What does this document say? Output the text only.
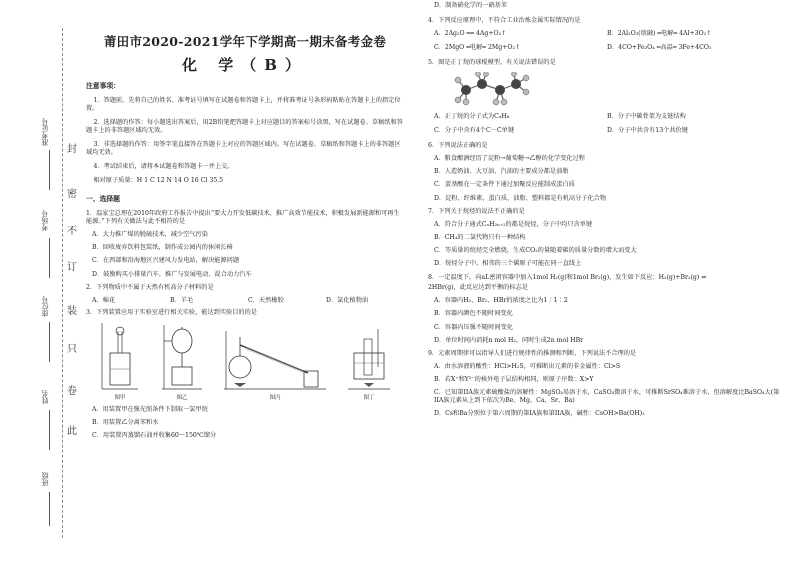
封
密
不
订
装
只
卷
此
准考证号
考场号
座位号
姓名
班级
莆田市2020-2021学年下学期高一期末备考金卷
化 学（B）
注意事项：
1．答题前，先将自己的姓名、准考证号填写在试题卷和答题卡上，并将准考证号条形码粘贴在答题卡上的指定位置。
2．选择题的作答：每小题选出答案后，用2B铅笔把答题卡上对应题目的答案标号涂黑，写在试题卷、草稿纸和答题卡上的非答题区域均无效。
3．非选择题的作答：用签字笔直接答在答题卡上对应的答题区域内。写在试题卷、草稿纸和答题卡上的非答题区域均无效。
4．考试结束后，请将本试题卷和答题卡一并上交。
相对原子质量：H 1 C 12 N 14 O 16 Cl 35.5
一、选择题
1．温家宝总理在2010年政府工作报告中提出“要大力开发低碳技术，推广高效节能技术，积极发展新能源和可再生能源。”下列有关做法与此不相符的是
A．大力推广煤的脱硫技术，减少空气污染
B．回收废弃饮料包装纸，制作成公园内的休闲长椅
C．在西部和沿海地区兴建风力发电站，解决能源问题
D．鼓励购买小排量汽车，推广与发展电动、混合动力汽车
2．下列物质中不属于天然有机高分子材料的是
A．棉花	B．羊毛	C．天然橡胶	D．氯化植物油
3．下列装置应用于实验室进行相关实验，能达到实验目的的是
图甲	图乙	图丙	图丁
A．用装置甲在强光照条件下制取一氯甲烷
B．用装置乙分离苯和水
C．用装置丙蒸馏石油并收集60～150℃馏分
D．制备硝化学的一硝基苯
4．下列反应原理中，不符合工业治炼金属实际情况的是
A．2Ag₂O ══ 4Ag+O₂↑	B．2Al₂O₃(熔融) ═电解═ 4Al+3O₂↑
C．2MgO ═电解═ 2Mg+O₂↑	D．4CO+Fe₃O₄ ═高温═ 3Fe+4CO₂
5．图是正丁烷的球棍模型，有关说法错误的是
A．正丁烷的分子式为C₄H₈	B．分子中碳骨架为支链结构
C．分子中含有4个C－C单键	D．分子中共含有13个共价键
6．下列说法正确的是
A．粮食酿酒经历了淀粉→葡萄糖→乙醇的化学变化过程
B．人造奶油、大豆油、汽油的主要成分都是油脂
C．蛋基酸在一定条件下通过加聚反应能制成蛋白质
D．淀粉、纤维素、蛋白质、油脂、塑料都是有机高分子化合物
7．下列关于烷烃的说法不正确的是
A．符合分子通式CₙH₂ₙ₊₂的都是烷烃，分子中均只含单键
B．CH₄的二氯代物只有一种结构
C．等质量的烷烃完全燃烧，生成CO₂的量随着碳的质量分数的增大而变大
D．烷烃分子中，相邻的三个碳原子可能在同一直线上
8．一定温度下，向aL密闭容器中加入1mol H₂(g)和1mol Br₂(g)，发生如下反应：H₂(g)+Br₂(g) ⇌
2HBr(g)，此反应达到平衡的标志是
A．容器内H₂、Br₂、HBr的浓度之比为1∶1∶2
B．容器内颜色不随时间变化
C．容器内压强不随时间变化
D．单位时间内消耗n mol H₂，同时生成2n mol HBr
9．元素周期律可以指导人们进行规律性的推测和判断，下列说法不合理的是
A．由水溶液的酸性：HCl>H₂S，可推断出元素的非金属性：Cl>S
B．若X⁺和Y²⁻的核外电子层结构相同，则原子序数：X>Y
C．已知第IIA族元素硫酸盐的溶解性：MgSO₄易溶于水，CaSO₄微溶于水，可推断SrSO₄难溶于水，但溶解度比BaSO₄大(第IIA族元素从上到下依次为Be、Mg、Ca、Sr、Ba)
D．Cs和Ba分别位于第六周期的第IA族和第IIA族，碱性：CsOH>Ba(OH)₂
